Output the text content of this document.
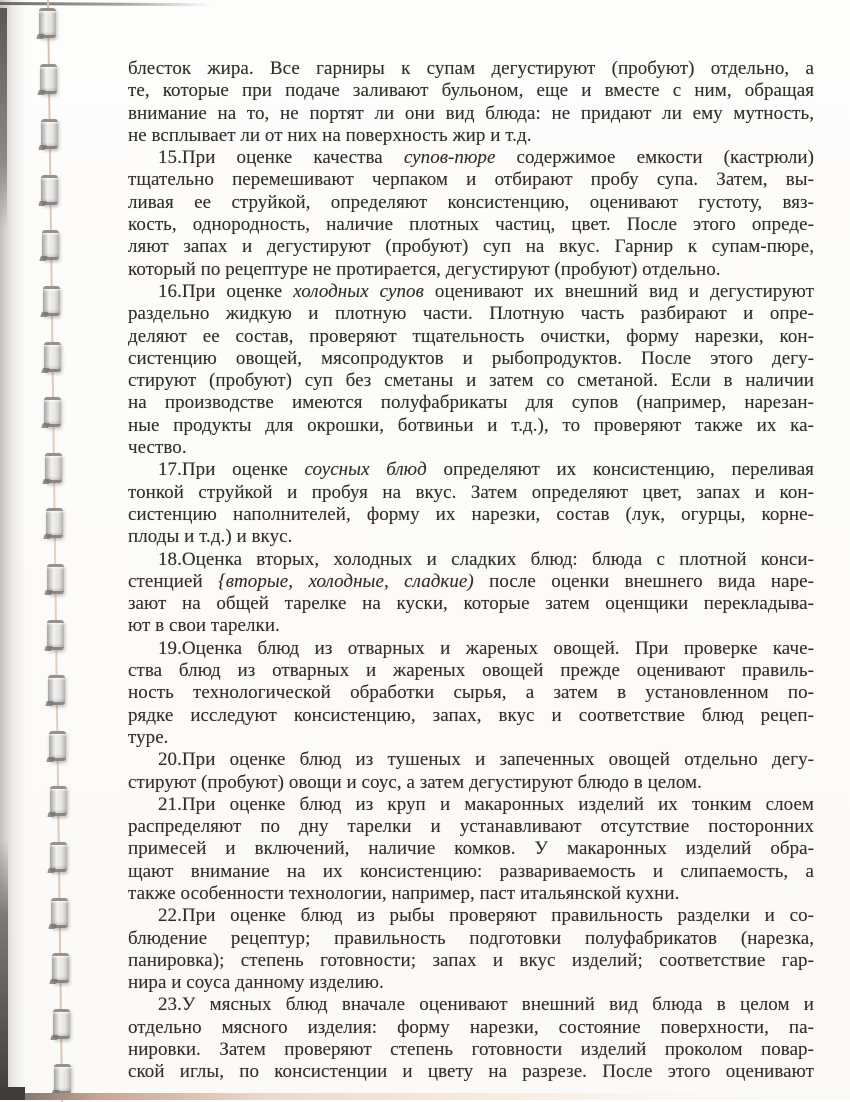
блесток жира. Все гарниры к супам дегустируют (пробуют) отдельно, а
те, которые при подаче заливают бульоном, еще и вместе с ним, обращая
внимание на то, не портят ли они вид блюда: не придают ли ему мутность,
не всплывает ли от них на поверхность жир и т.д.
15.При оценке качества супов-пюре содержимое емкости (кастрюли)
тщательно перемешивают черпаком и отбирают пробу супа. Затем, вы-
ливая ее струйкой, определяют консистенцию, оценивают густоту, вяз-
кость, однородность, наличие плотных частиц, цвет. После этого опреде-
ляют запах и дегустируют (пробуют) суп на вкус. Гарнир к супам-пюре,
который по рецептуре не протирается, дегустируют (пробуют) отдельно.
16.При оценке холодных супов оценивают их внешний вид и дегустируют
раздельно жидкую и плотную части. Плотную часть разбирают и опре-
деляют ее состав, проверяют тщательность очистки, форму нарезки, кон-
систенцию овощей, мясопродуктов и рыбопродуктов. После этого дегу-
стируют (пробуют) суп без сметаны и затем со сметаной. Если в наличии
на производстве имеются полуфабрикаты для супов (например, нарезан-
ные продукты для окрошки, ботвиньи и т.д.), то проверяют также их ка-
чество.
17.При оценке соусных блюд определяют их консистенцию, переливая
тонкой струйкой и пробуя на вкус. Затем определяют цвет, запах и кон-
систенцию наполнителей, форму их нарезки, состав (лук, огурцы, корне-
плоды и т.д.) и вкус.
18.Оценка вторых, холодных и сладких блюд: блюда с плотной конси-
стенцией {вторые, холодные, сладкие) после оценки внешнего вида наре-
зают на общей тарелке на куски, которые затем оценщики перекладыва-
ют в свои тарелки.
19.Оценка блюд из отварных и жареных овощей. При проверке каче-
ства блюд из отварных и жареных овощей прежде оценивают правиль-
ность технологической обработки сырья, а затем в установленном по-
рядке исследуют консистенцию, запах, вкус и соответствие блюд рецеп-
туре.
20.При оценке блюд из тушеных и запеченных овощей отдельно дегу-
стируют (пробуют) овощи и соус, а затем дегустируют блюдо в целом.
21.При оценке блюд из круп и макаронных изделий их тонким слоем
распределяют по дну тарелки и устанавливают отсутствие посторонних
примесей и включений, наличие комков. У макаронных изделий обра-
щают внимание на их консистенцию: развариваемость и слипаемость, а
также особенности технологии, например, паст итальянской кухни.
22.При оценке блюд из рыбы проверяют правильность разделки и со-
блюдение рецептур; правильность подготовки полуфабрикатов (нарезка,
панировка); степень готовности; запах и вкус изделий; соответствие гар-
нира и соуса данному изделию.
23.У мясных блюд вначале оценивают внешний вид блюда в целом и
отдельно мясного изделия: форму нарезки, состояние поверхности, па-
нировки. Затем проверяют степень готовности изделий проколом повар-
ской иглы, по консистенции и цвету на разрезе. После этого оценивают
